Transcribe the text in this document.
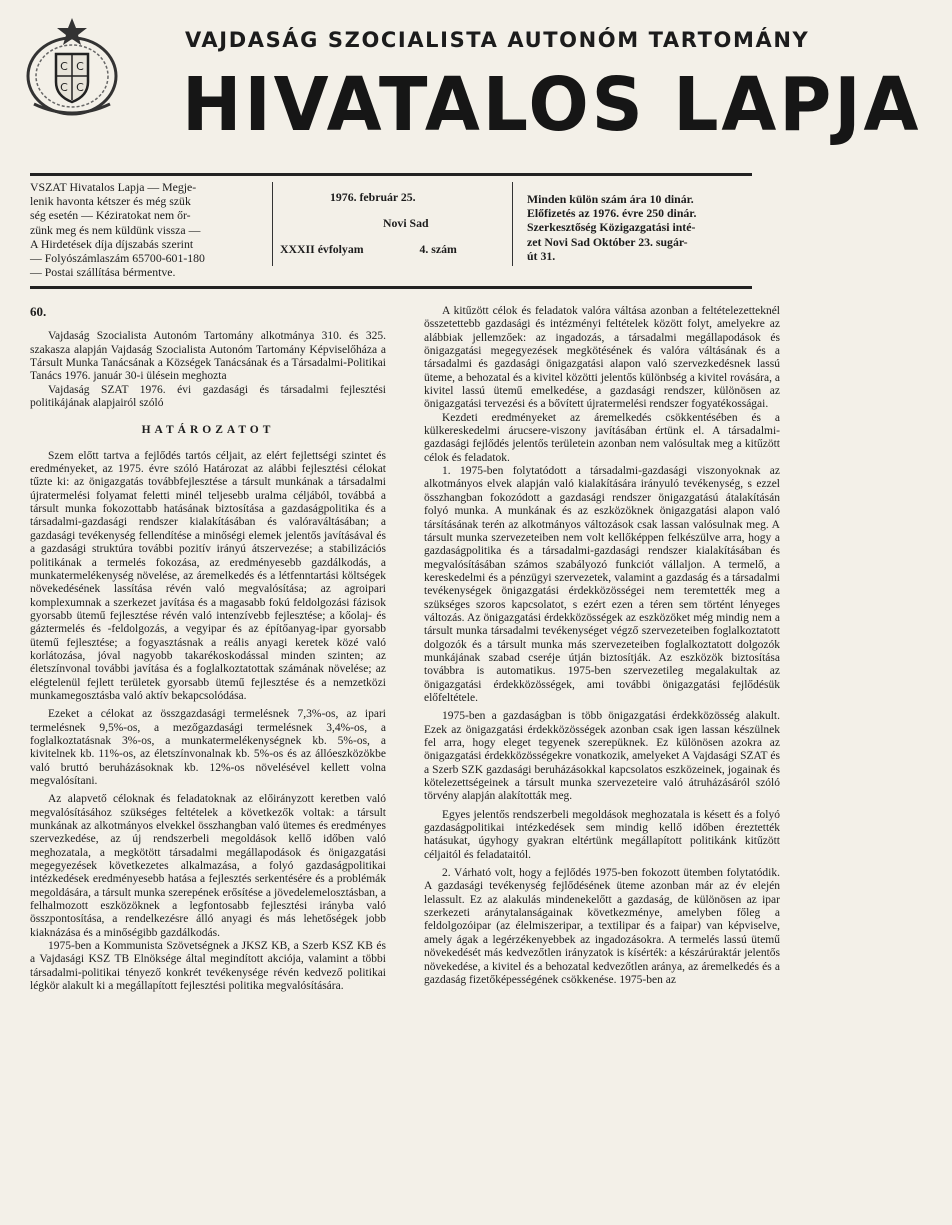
C C
C C
VAJDASÁG SZOCIALISTA AUTONÓM TARTOMÁNY
HIVATALOS LAPJA

VSZAT Hivatalos Lapja — Megje-

lenik havonta kétszer és még szük

ség esetén — Kéziratokat nem őr-

zünk meg és nem küldünk vissza —

A Hirdetések díja díjszabás szerint

— Folyószámlaszám 65700-601-180

— Postai szállítása bérmentve.

1976. február 25.

Novi Sad

XXXII évfolyam	4. szám

Minden külön szám ára 10 dinár.

Előfizetés az 1976. évre 250 dinár.

Szerkesztőség Közigazgatási inté-

zet Novi Sad Október 23. sugár-

út 31.

60.

Vajdaság Szocialista Autonóm Tartomány alkotmánya 310. és 325. szakasza alapján Vajdaság Szocialista Autonóm Tartomány Képviselőháza a Társult Munka Tanácsának a Községek Tanácsának és a Társadalmi-Politikai Tanács 1976. január 30-i ülésein meghozta

Vajdaság SZAT 1976. évi gazdasági és társadalmi fejlesztési politikájának alapjairól szóló

HATÁROZATOT

Szem előtt tartva a fejlődés tartós céljait, az elért fejlettségi szintet és eredményeket, az 1975. évre szóló Határozat az alábbi fejlesztési célokat tűzte ki: az önigazgatás továbbfejlesztése a társult munkának a társadalmi újratermelési folyamat feletti minél teljesebb uralma céljából, továbbá a társult munka fokozottabb hatásának biztosítása a gazdaságpolitika és a társadalmi-gazdasági rendszer kialakításában és valóraváltásában; a gazdasági tevékenység fellendítése a minőségi elemek jelentős javításával és a gazdasági struktúra további pozitív irányú átszervezése; a stabilizációs politikának a termelés fokozása, az eredményesebb gazdálkodás, a munkatermelékenység növelése, az áremelkedés és a létfenntartási költségek növekedésének lassítása révén való megvalósítása; az agroipari komplexumnak a szerkezet javítása és a magasabb fokú feldolgozási fázisok gyorsabb ütemű fejlesztése révén való intenzívebb fejlesztése; a kőolaj- és gáztermelés és -feldolgozás, a vegyipar és az építőanyag-ipar gyorsabb ütemű fejlesztése; a fogyasztásnak a reális anyagi keretek közé való korlátozása, jóval nagyobb takarékoskodással minden szinten; az életszínvonal további javítása és a foglalkoztatottak számának növelése; az elégtelenül fejlett területek gyorsabb ütemű fejlesztése és a nemzetközi munkamegosztásba való aktív bekapcsolódása.

Ezeket a célokat az összgazdasági termelésnek 7,3%-os, az ipari termelésnek 9,5%-os, a mezőgazdasági termelésnek 3,4%-os, a foglalkoztatásnak 3%-os, a munkatermelékenységnek kb. 5%-os, a kivitelnek kb. 11%-os, az életszínvonalnak kb. 5%-os és az állóeszközökbe való bruttó beruházásoknak kb. 12%-os növelésével kellett volna megvalósítani.

Az alapvető céloknak és feladatoknak az előirányzott keretben való megvalósításához szükséges feltételek a következők voltak: a társult munkának az alkotmányos elvekkel összhangban való ütemes és eredményes szervezkedése, az új rendszerbeli megoldások kellő időben való meghozatala, a megkötött társadalmi megállapodások és önigazgatási megegyezések következetes alkalmazása, a folyó gazdaságpolitikai intézkedések eredményesebb hatása a fejlesztés serkentésére és a problémák megoldására, a társult munka szerepének erősítése a jövedelemelosztásban, a felhalmozott eszközöknek a legfontosabb fejlesztési irányba való összpontosítása, a rendelkezésre álló anyagi és más lehetőségek jobb kiaknázása és a minőségibb gazdálkodás.

1975-ben a Kommunista Szövetségnek a JKSZ KB, a Szerb KSZ KB és a Vajdasági KSZ TB Elnöksége által megindított akciója, valamint a többi társadalmi-politikai tényező konkrét tevékenysége révén kedvező politikai légkör alakult ki a megállapított fejlesztési politika megvalósítására.

A kitűzött célok és feladatok valóra váltása azonban a feltételezetteknél összetettebb gazdasági és intézményi feltételek között folyt, amelyekre az alábbiak jellemzőek: az ingadozás, a társadalmi megállapodások és önigazgatási megegyezések megkötésének és valóra váltásának és a társadalmi és gazdasági önigazgatási alapon való szervezkedésnek lassú üteme, a behozatal és a kivitel közötti jelentős különbség a kivitel rovására, a kivitel lassú ütemű emelkedése, a gazdasági rendszer, különösen az önigazgatási tervezési és a bővített újratermelési rendszer fogyatékosságai.

Kezdeti eredményeket az áremelkedés csökkentésében és a külkereskedelmi árucsere-viszony javításában értünk el. A társadalmi-gazdasági fejlődés jelentős területein azonban nem valósultak meg a kitűzött célok és feladatok.

1. 1975-ben folytatódott a társadalmi-gazdasági viszonyoknak az alkotmányos elvek alapján való kialakítására irányuló tevékenység, s ezzel összhangban fokozódott a gazdasági rendszer önigazgatású átalakításán folyó munka. A munkának és az eszközöknek önigazgatási alapon való társításának terén az alkotmányos változások csak lassan valósulnak meg. A társult munka szervezeteiben nem volt kellőképpen felkészülve arra, hogy a gazdaságpolitika és a társadalmi-gazdasági rendszer kialakításában és megvalósításában számos szabályozó funkciót vállaljon. A termelő, a kereskedelmi és a pénzügyi szervezetek, valamint a gazdaság és a társadalmi tevékenységek önigazgatási érdekközösségei nem teremtették meg a szükséges szoros kapcsolatot, s ezért ezen a téren sem történt lényeges változás. Az önigazgatási érdekközösségek az eszközöket még mindig nem a társult munka társadalmi tevékenységet végző szervezeteiben foglalkoztatott dolgozók és a társult munka más szervezeteiben foglalkoztatott dolgozók munkájának szabad cseréje útján biztosítják. Az eszközök biztosítása továbbra is automatikus. 1975-ben szervezetileg megalakultak az önigazgatási érdekközösségek, ami további önigazgatási fejlődésük előfeltétele.

1975-ben a gazdaságban is több önigazgatási érdekközösség alakult. Ezek az önigazgatási érdekközösségek azonban csak igen lassan készülnek fel arra, hogy eleget tegyenek szerepüknek. Ez különösen azokra az önigazgatási érdekközösségekre vonatkozik, amelyeket A Vajdasági SZAT és a Szerb SZK gazdasági beruházásokkal kapcsolatos eszközeinek, jogainak és kötelezettségeinek a társult munka szervezeteire való átruházásáról szóló törvény alapján alakították meg.

Egyes jelentős rendszerbeli megoldások meghozatala is késett és a folyó gazdaságpolitikai intézkedések sem mindig kellő időben éreztették hatásukat, úgyhogy gyakran eltértünk megállapított politikánk kitűzött céljaitól és feladataitól.

2. Várható volt, hogy a fejlődés 1975-ben fokozott ütemben folytatódik. A gazdasági tevékenység fejlődésének üteme azonban már az év elején lelassult. Ez az alakulás mindenekelőtt a gazdaság, de különösen az ipar szerkezeti aránytalanságainak következménye, amelyben főleg a feldolgozóipar (az élelmiszeripar, a textilipar és a faipar) van képviselve, amely ágak a legérzékenyebbek az ingadozásokra. A termelés lassú ütemű növekedését más kedvezőtlen irányzatok is kísérték: a készárúraktár jelentős növekedése, a kivitel és a behozatal kedvezőtlen aránya, az áremelkedés és a gazdaság fizetőképességének csökkenése. 1975-ben az
